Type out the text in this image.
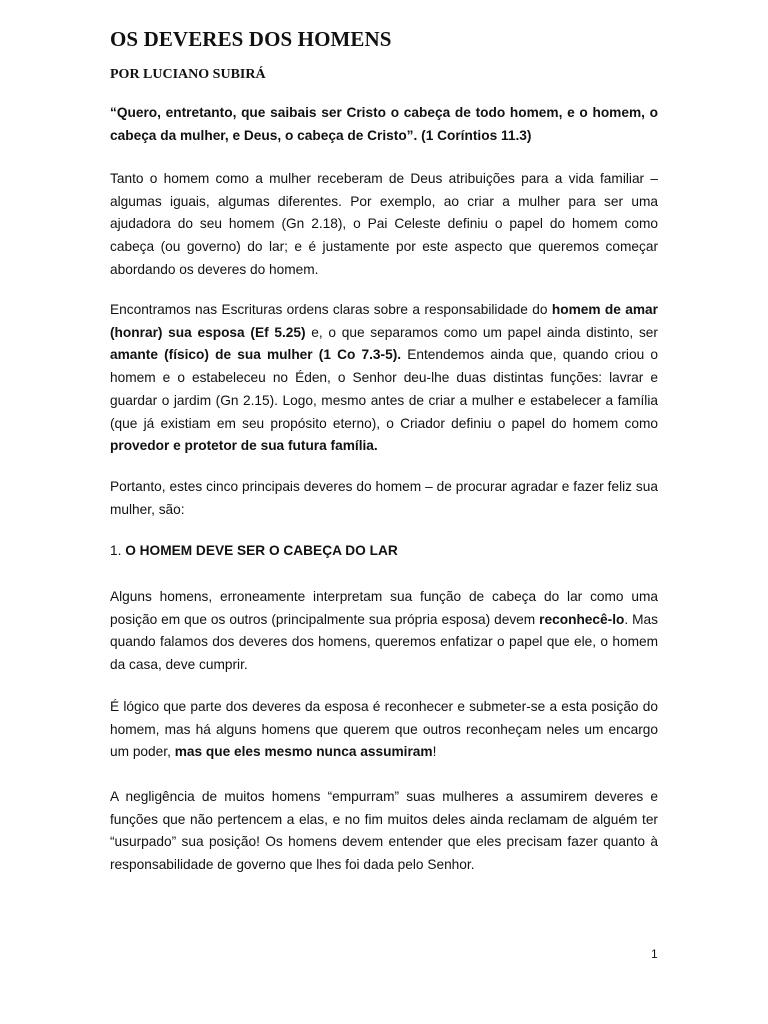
OS DEVERES DOS HOMENS

POR LUCIANO SUBIRÁ

“Quero, entretanto, que saibais ser Cristo o cabeça de todo homem, e o homem, o cabeça da mulher, e Deus, o cabeça de Cristo”. (1 Coríntios 11.3)

Tanto o homem como a mulher receberam de Deus atribuições para a vida familiar – algumas iguais, algumas diferentes. Por exemplo, ao criar a mulher para ser uma ajudadora do seu homem (Gn 2.18), o Pai Celeste definiu o papel do homem como cabeça (ou governo) do lar; e é justamente por este aspecto que queremos começar abordando os deveres do homem.

Encontramos nas Escrituras ordens claras sobre a responsabilidade do homem de amar (honrar) sua esposa (Ef 5.25) e, o que separamos como um papel ainda distinto, ser amante (físico) de sua mulher (1 Co 7.3-5). Entendemos ainda que, quando criou o homem e o estabeleceu no Éden, o Senhor deu-lhe duas distintas funções: lavrar e guardar o jardim (Gn 2.15). Logo, mesmo antes de criar a mulher e estabelecer a família (que já existiam em seu propósito eterno), o Criador definiu o papel do homem como provedor e protetor de sua futura família.

Portanto, estes cinco principais deveres do homem – de procurar agradar e fazer feliz sua mulher, são:

1. O HOMEM DEVE SER O CABEÇA DO LAR

Alguns homens, erroneamente interpretam sua função de cabeça do lar como uma posição em que os outros (principalmente sua própria esposa) devem reconhecê-lo. Mas quando falamos dos deveres dos homens, queremos enfatizar o papel que ele, o homem da casa, deve cumprir.

É lógico que parte dos deveres da esposa é reconhecer e submeter-se a esta posição do homem, mas há alguns homens que querem que outros reconheçam neles um encargo um poder, mas que eles mesmo nunca assumiram!

A negligência de muitos homens “empurram” suas mulheres a assumirem deveres e funções que não pertencem a elas, e no fim muitos deles ainda reclamam de alguém ter “usurpado” sua posição! Os homens devem entender que eles precisam fazer quanto à responsabilidade de governo que lhes foi dada pelo Senhor.

1
